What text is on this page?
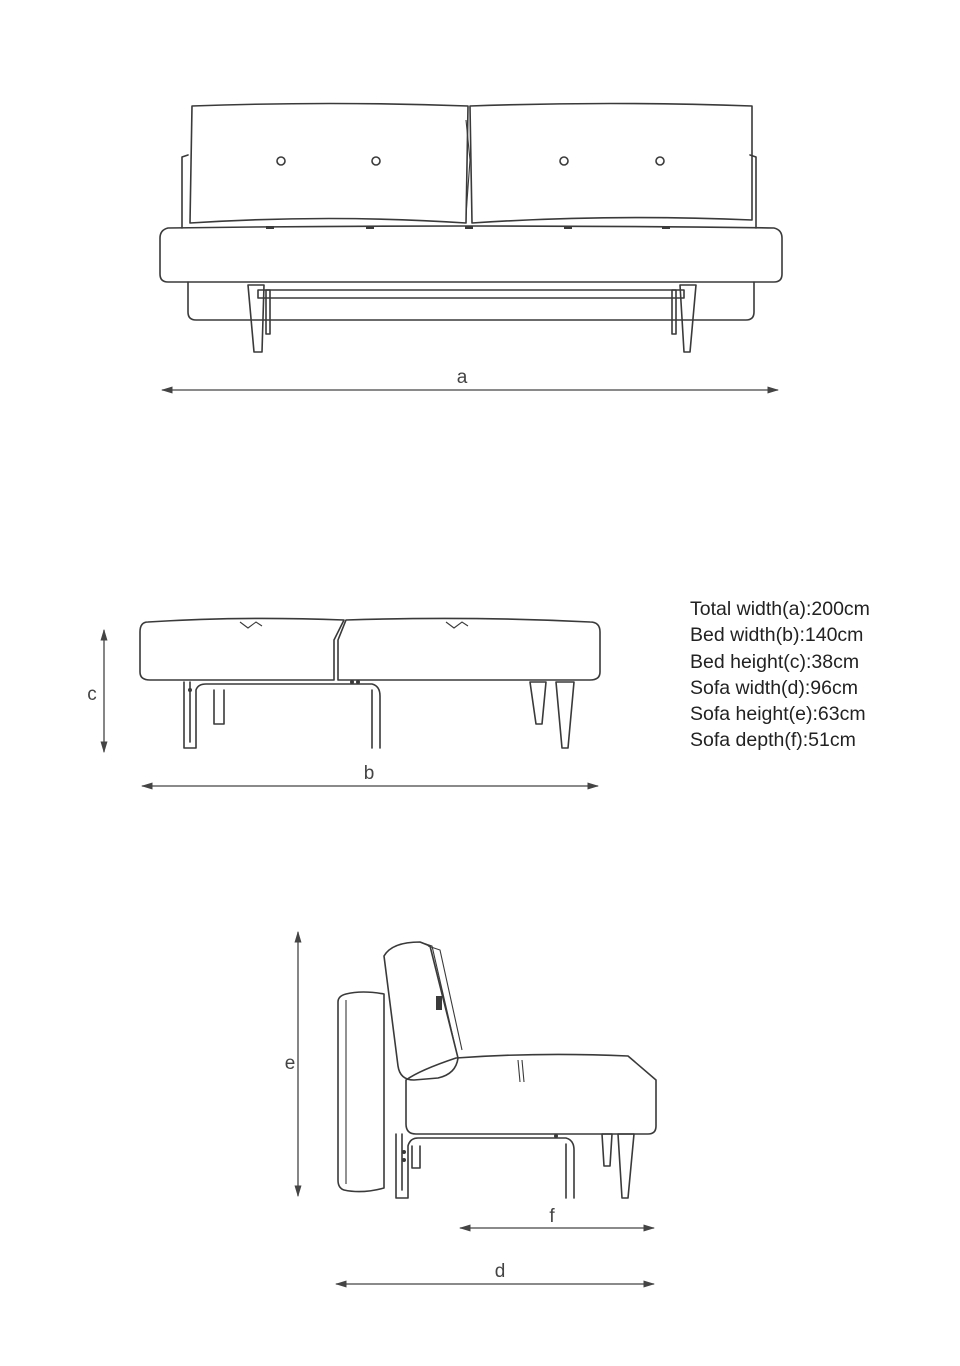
a
c
b
e
f
d
Total width(a):200cm
Bed width(b):140cm
Bed height(c):38cm
Sofa width(d):96cm
Sofa height(e):63cm
Sofa depth(f):51cm
